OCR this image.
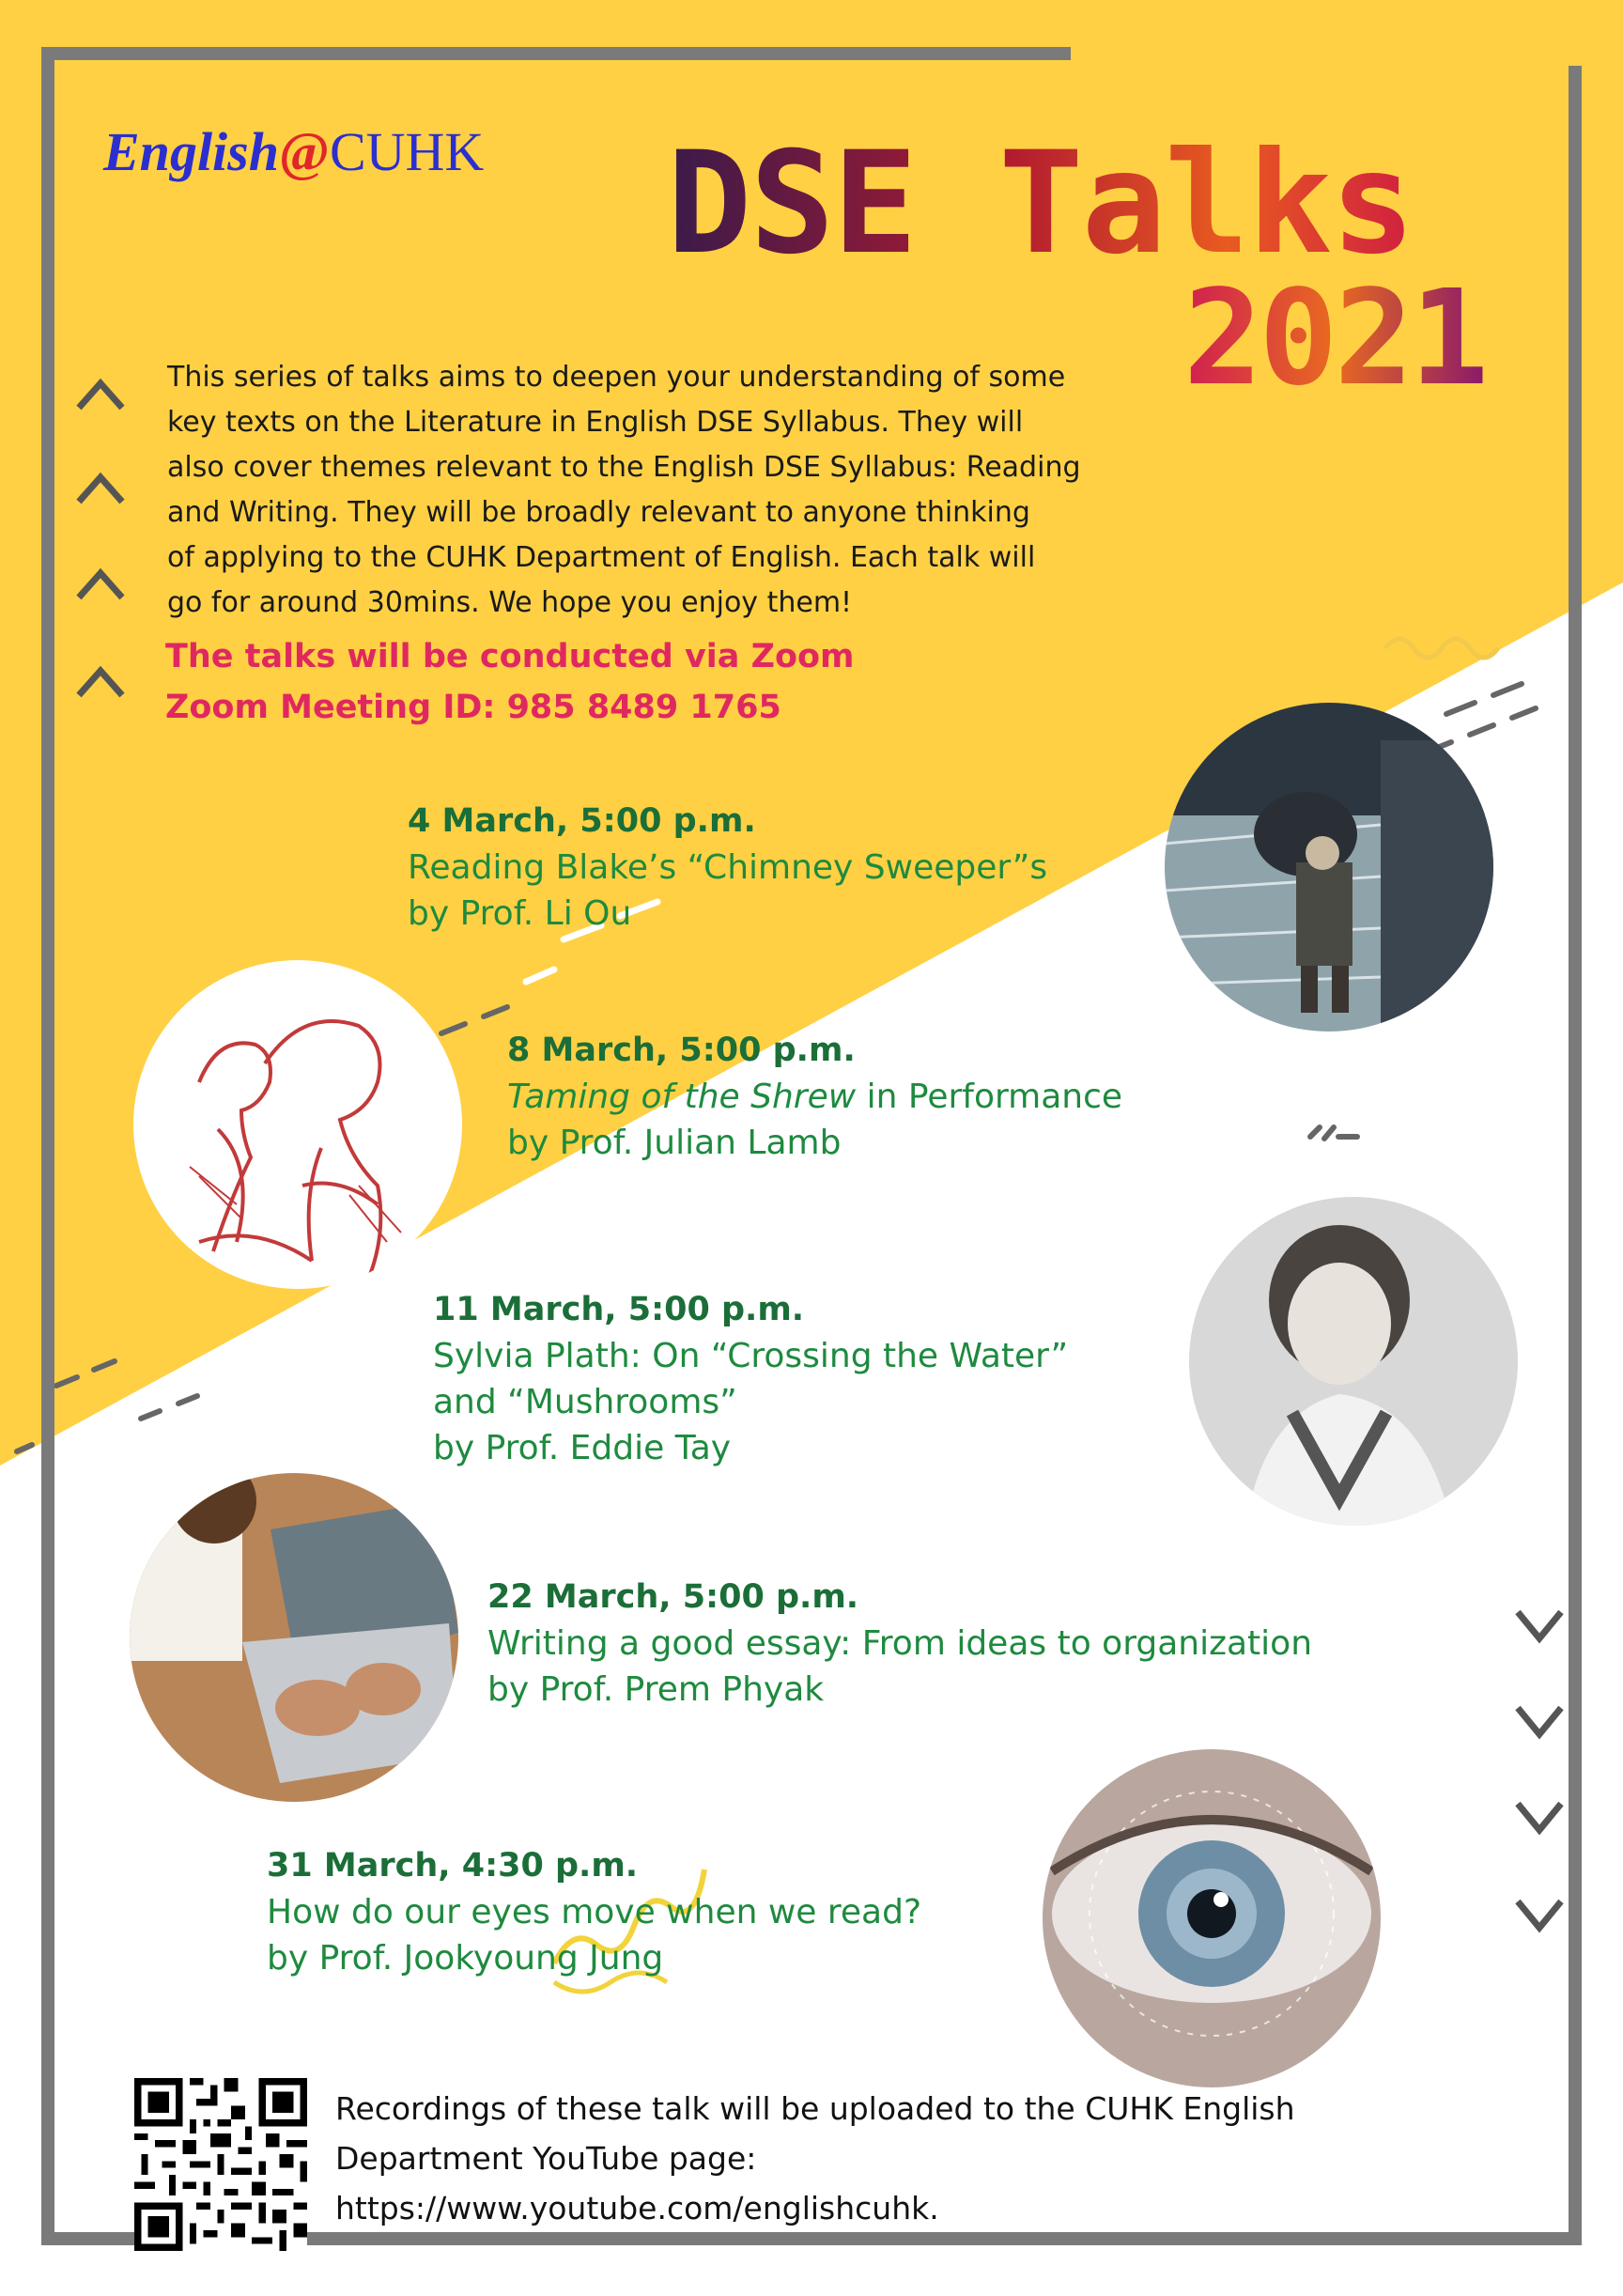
English@CUHK DSE Talks
2021
This series of talks aims to deepen your understanding of some
key texts on the Literature in English DSE Syllabus. They will
also cover themes relevant to the English DSE Syllabus: Reading
and Writing. They will be broadly relevant to anyone thinking
of applying to the CUHK Department of English. Each talk will
go for around 30mins. We hope you enjoy them!
The talks will be conducted via Zoom
Zoom Meeting ID: 985 8489 1765
4 March, 5:00 p.m.
Reading Blake’s “Chimney Sweeper”s
by Prof. Li Ou
8 March, 5:00 p.m.
Taming of the Shrew in Performance
by Prof. Julian Lamb
11 March, 5:00 p.m.
Sylvia Plath: On “Crossing the Water”
and “Mushrooms”
by Prof. Eddie Tay
22 March, 5:00 p.m.
Writing a good essay: From ideas to organization
by Prof. Prem Phyak
31 March, 4:30 p.m.
How do our eyes move when we read?
by Prof. Jookyoung Jung
Recordings of these talk will be uploaded to the CUHK English
Department YouTube page:
https://www.youtube.com/englishcuhk.
